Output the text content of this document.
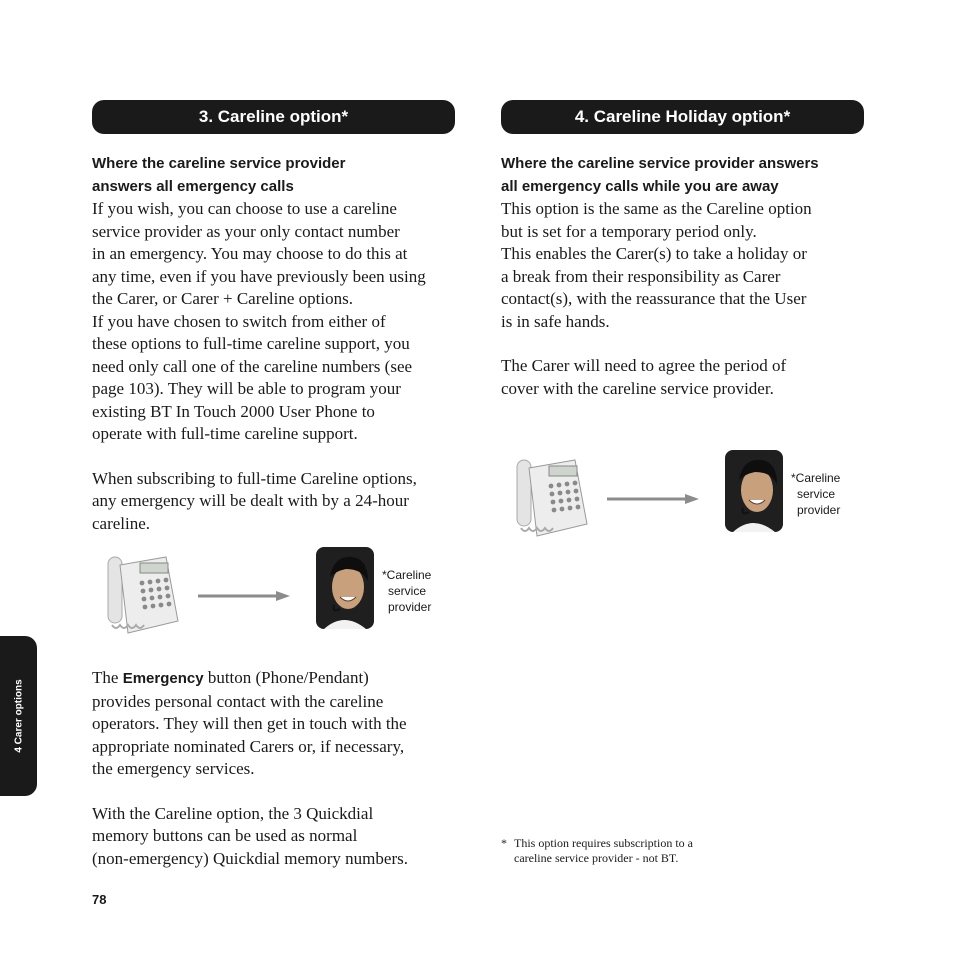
3. Careline option*
Where the careline service provider
answers all emergency calls
If you wish, you can choose to use a careline
service provider as your only contact number
in an emergency. You may choose to do this at
any time, even if you have previously been using
the Carer, or Carer + Careline options.
If you have chosen to switch from either of
these options to full-time careline support, you
need only call one of the careline numbers (see
page 103). They will be able to program your
existing BT In Touch 2000 User Phone to
operate with full-time careline support.
When subscribing to full-time Careline options,
any emergency will be dealt with by a 24-hour
careline.
*Careline
service
provider
The Emergency button (Phone/Pendant)
provides personal contact with the careline
operators. They will then get in touch with the
appropriate nominated Carers or, if necessary,
the emergency services.
With the Careline option, the 3 Quickdial
memory buttons can be used as normal
(non-emergency) Quickdial memory numbers.
4. Careline Holiday option*
Where the careline service provider answers
all emergency calls while you are away
This option is the same as the Careline option
but is set for a temporary period only.
This enables the Carer(s) to take a holiday or
a break from their responsibility as Carer
contact(s), with the reassurance that the User
is in safe hands.
The Carer will need to agree the period of
cover with the careline service provider.
*Careline
service
provider
* This option requires subscription to a
careline service provider - not BT.
4 Carer options
78
